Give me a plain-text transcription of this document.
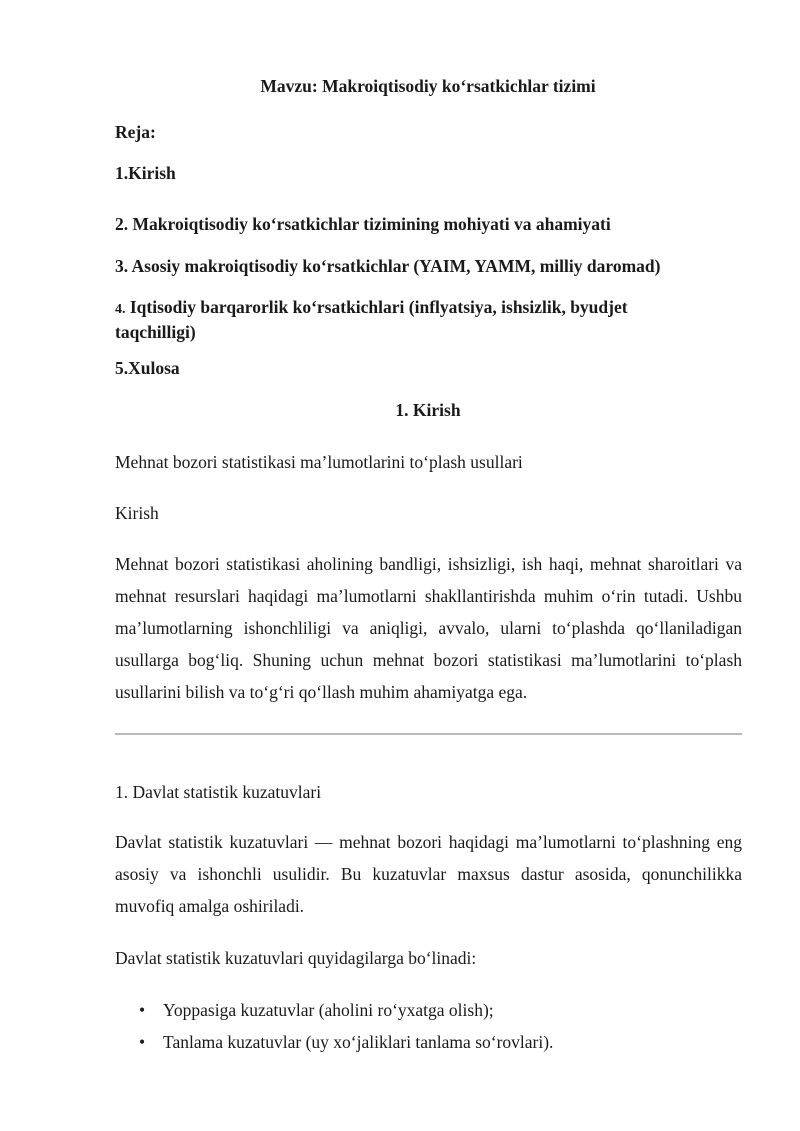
Mavzu: Makroiqtisodiy ko‘rsatkichlar tizimi
Reja:
1.Kirish
2. Makroiqtisodiy ko‘rsatkichlar tizimining mohiyati va ahamiyati
3. Asosiy makroiqtisodiy ko‘rsatkichlar (YAIM, YAMM, milliy daromad)
4. Iqtisodiy barqarorlik ko‘rsatkichlari (inflyatsiya, ishsizlik, byudjet taqchilligi)
5.Xulosa
1. Kirish
Mehnat bozori statistikasi ma’lumotlarini to‘plash usullari
Kirish
Mehnat bozori statistikasi aholining bandligi, ishsizligi, ish haqi, mehnat sharoitlari va mehnat resurslari haqidagi ma’lumotlarni shakllantirishda muhim o‘rin tutadi. Ushbu ma’lumotlarning ishonchliligi va aniqligi, avvalo, ularni to‘plashda qo‘llaniladigan usullarga bog‘liq. Shuning uchun mehnat bozori statistikasi ma’lumotlarini to‘plash usullarini bilish va to‘g‘ri qo‘llash muhim ahamiyatga ega.
1. Davlat statistik kuzatuvlari
Davlat statistik kuzatuvlari — mehnat bozori haqidagi ma’lumotlarni to‘plashning eng asosiy va ishonchli usulidir. Bu kuzatuvlar maxsus dastur asosida, qonunchilikka muvofiq amalga oshiriladi.
Davlat statistik kuzatuvlari quyidagilarga bo‘linadi:
• Yoppasiga kuzatuvlar (aholini ro‘yxatga olish);
• Tanlama kuzatuvlar (uy xo‘jaliklari tanlama so‘rovlari).
